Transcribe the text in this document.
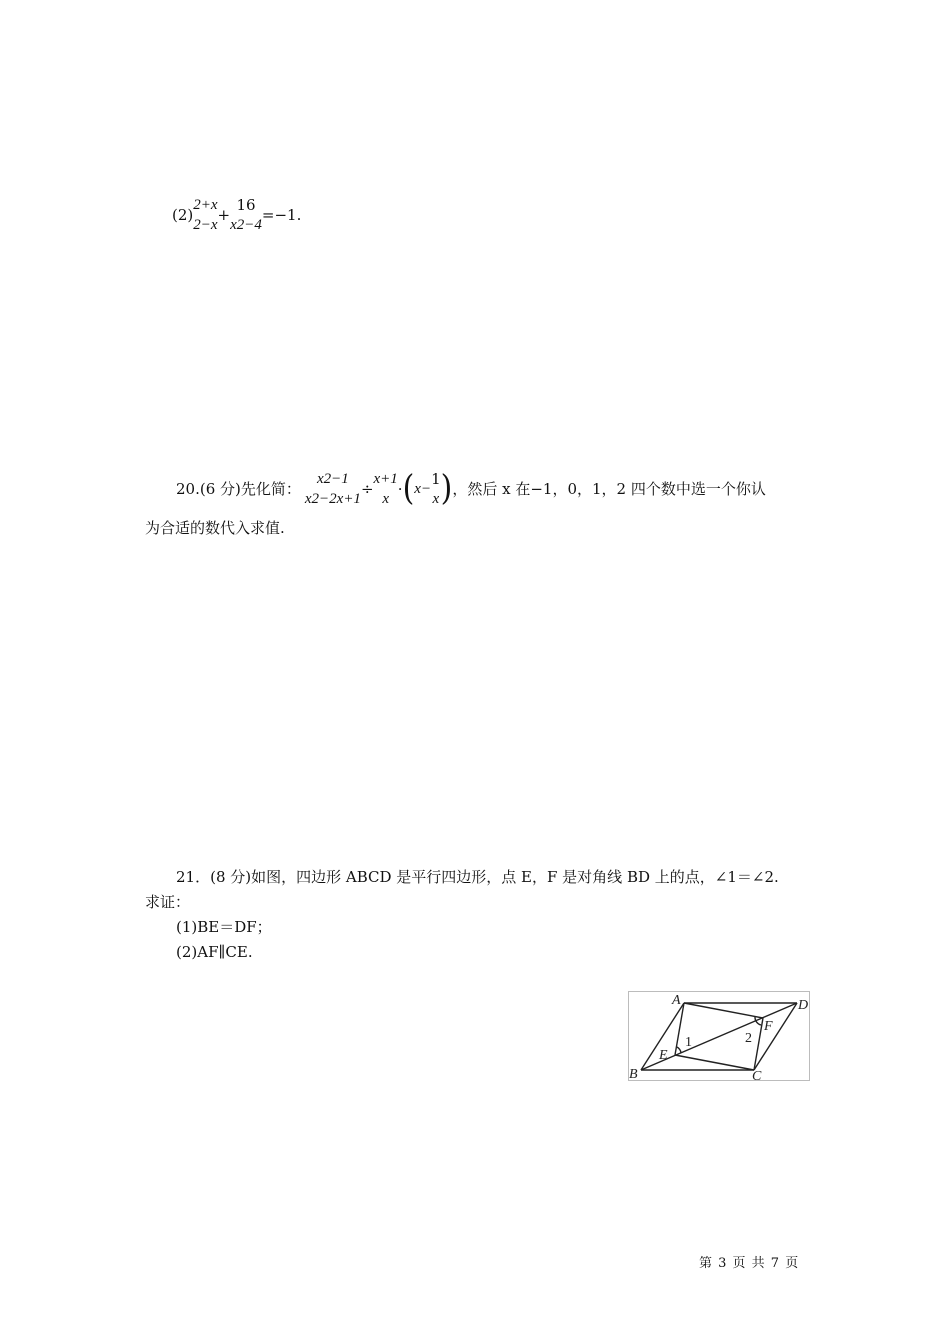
(2)
2+x
2−x
+
16
x2−4
=−1.
20.(6 分)先化简：
x2−1
x2−2x+1
÷
x+1
x
·(x−
1
x )，然后 x 在−1，0，1，2 四个数中选一个你认
为合适的数代入求值.
21．(8 分)如图，四边形 ABCD 是平行四边形，点 E，F 是对角线 BD 上的点，∠1＝∠2.
求证：
(1)BE＝DF；
(2)AF∥CE.
A	D
B	C
E
F
1	2
第 3 页 共 7 页
